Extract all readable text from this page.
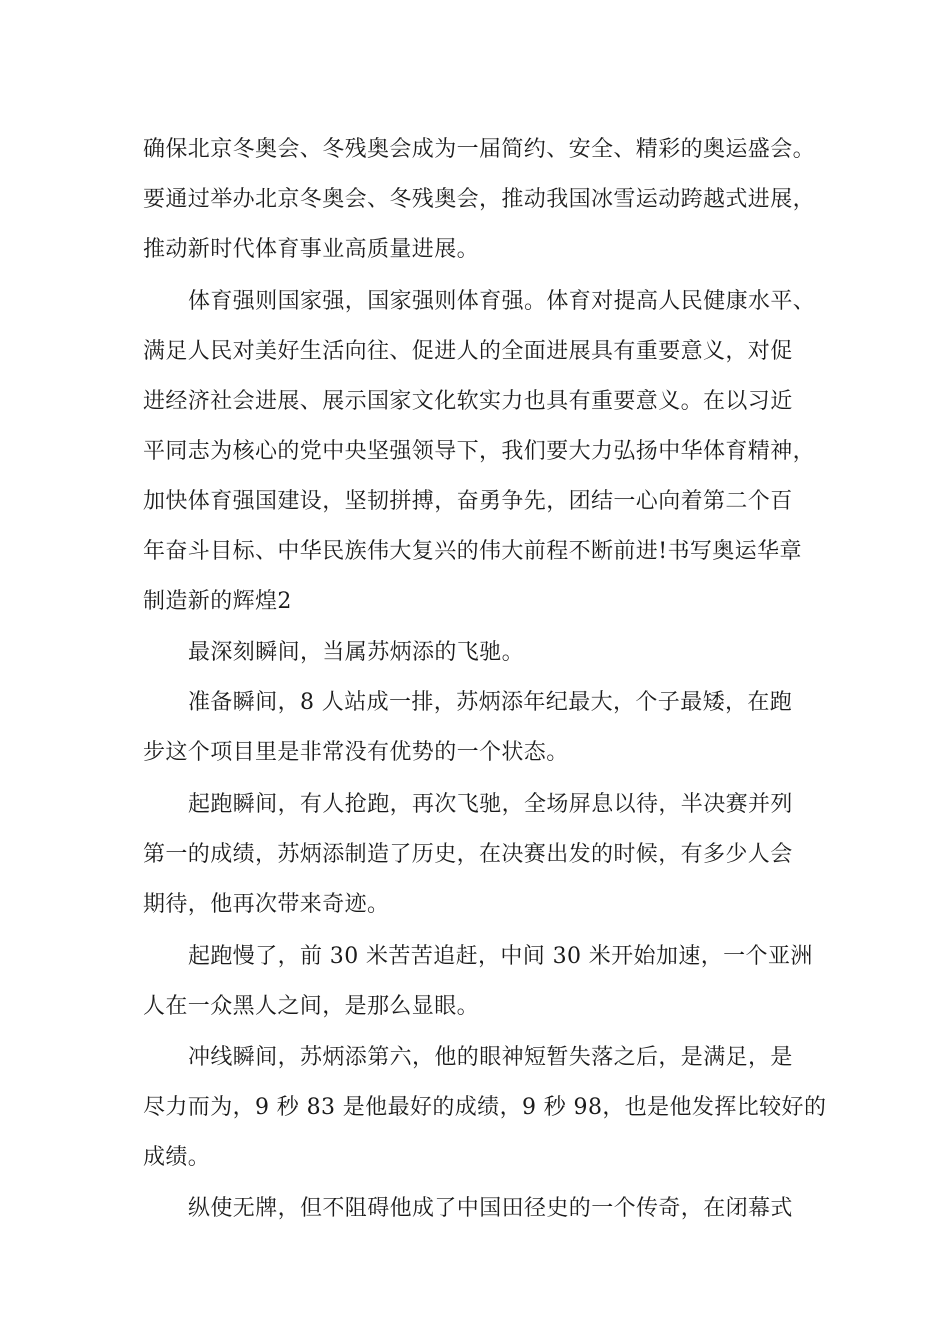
确保北京冬奥会、冬残奥会成为一届简约、安全、精彩的奥运盛会。
要通过举办北京冬奥会、冬残奥会，推动我国冰雪运动跨越式进展，
推动新时代体育事业高质量进展。
体育强则国家强，国家强则体育强。体育对提高人民健康水平、
满足人民对美好生活向往、促进人的全面进展具有重要意义，对促
进经济社会进展、展示国家文化软实力也具有重要意义。在以习近
平同志为核心的党中央坚强领导下，我们要大力弘扬中华体育精神，
加快体育强国建设，坚韧拼搏，奋勇争先，团结一心向着第二个百
年奋斗目标、中华民族伟大复兴的伟大前程不断前进!书写奥运华章
制造新的辉煌2
最深刻瞬间，当属苏炳添的飞驰。
准备瞬间，8 人站成一排，苏炳添年纪最大，个子最矮，在跑
步这个项目里是非常没有优势的一个状态。
起跑瞬间，有人抢跑，再次飞驰，全场屏息以待，半决赛并列
第一的成绩，苏炳添制造了历史，在决赛出发的时候，有多少人会
期待，他再次带来奇迹。
起跑慢了，前 30 米苦苦追赶，中间 30 米开始加速，一个亚洲
人在一众黑人之间，是那么显眼。
冲线瞬间，苏炳添第六，他的眼神短暂失落之后，是满足，是
尽力而为，9 秒 83 是他最好的成绩，9 秒 98，也是他发挥比较好的
成绩。
纵使无牌，但不阻碍他成了中国田径史的一个传奇，在闭幕式
